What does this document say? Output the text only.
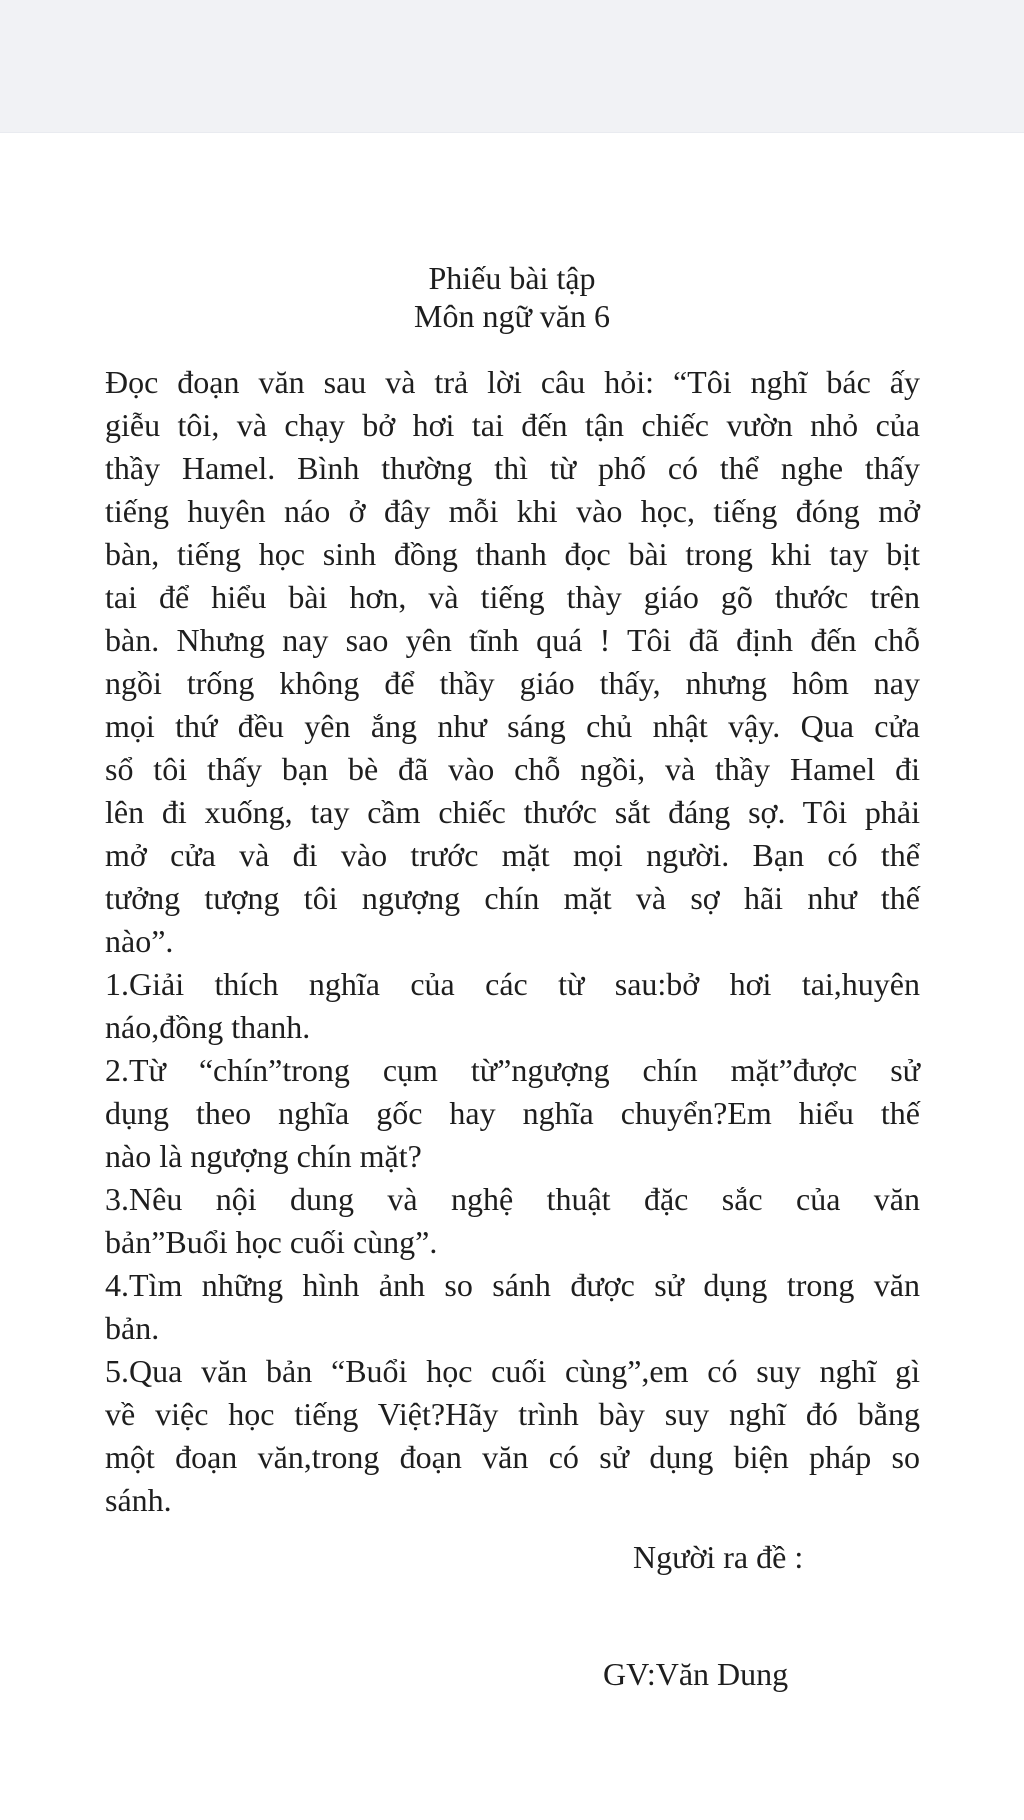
Phiếu bài tập
Môn ngữ văn 6
Đọc đoạn văn sau và trả lời câu hỏi: “Tôi nghĩ bác ấy
giễu tôi, và chạy bở hơi tai đến tận chiếc vườn nhỏ của
thầy Hamel. Bình thường thì từ phố có thể nghe thấy
tiếng huyên náo ở đây mỗi khi vào học, tiếng đóng mở
bàn, tiếng học sinh đồng thanh đọc bài trong khi tay bịt
tai để hiểu bài hơn, và tiếng thày giáo gõ thước trên
bàn. Nhưng nay sao yên tĩnh quá ! Tôi đã định đến chỗ
ngồi trống không để thầy giáo thấy, nhưng hôm nay
mọi thứ đều yên ắng như sáng chủ nhật vậy. Qua cửa
sổ tôi thấy bạn bè đã vào chỗ ngồi, và thầy Hamel đi
lên đi xuống, tay cầm chiếc thước sắt đáng sợ. Tôi phải
mở cửa và đi vào trước mặt mọi người. Bạn có thể
tưởng tượng tôi ngượng chín mặt và sợ hãi như thế
nào”.
1.Giải thích nghĩa của các từ sau:bở hơi tai,huyên
náo,đồng thanh.
2.Từ “chín”trong cụm từ”ngượng chín mặt”được sử
dụng theo nghĩa gốc hay nghĩa chuyển?Em hiểu thế
nào là ngượng chín mặt?
3.Nêu nội dung và nghệ thuật đặc sắc của văn
bản”Buổi học cuối cùng”.
4.Tìm những hình ảnh so sánh được sử dụng trong văn
bản.
5.Qua văn bản “Buổi học cuối cùng”,em có suy nghĩ gì
về việc học tiếng Việt?Hãy trình bày suy nghĩ đó bằng
một đoạn văn,trong đoạn văn có sử dụng biện pháp so
sánh.
Người ra đề :
GV:Văn Dung
